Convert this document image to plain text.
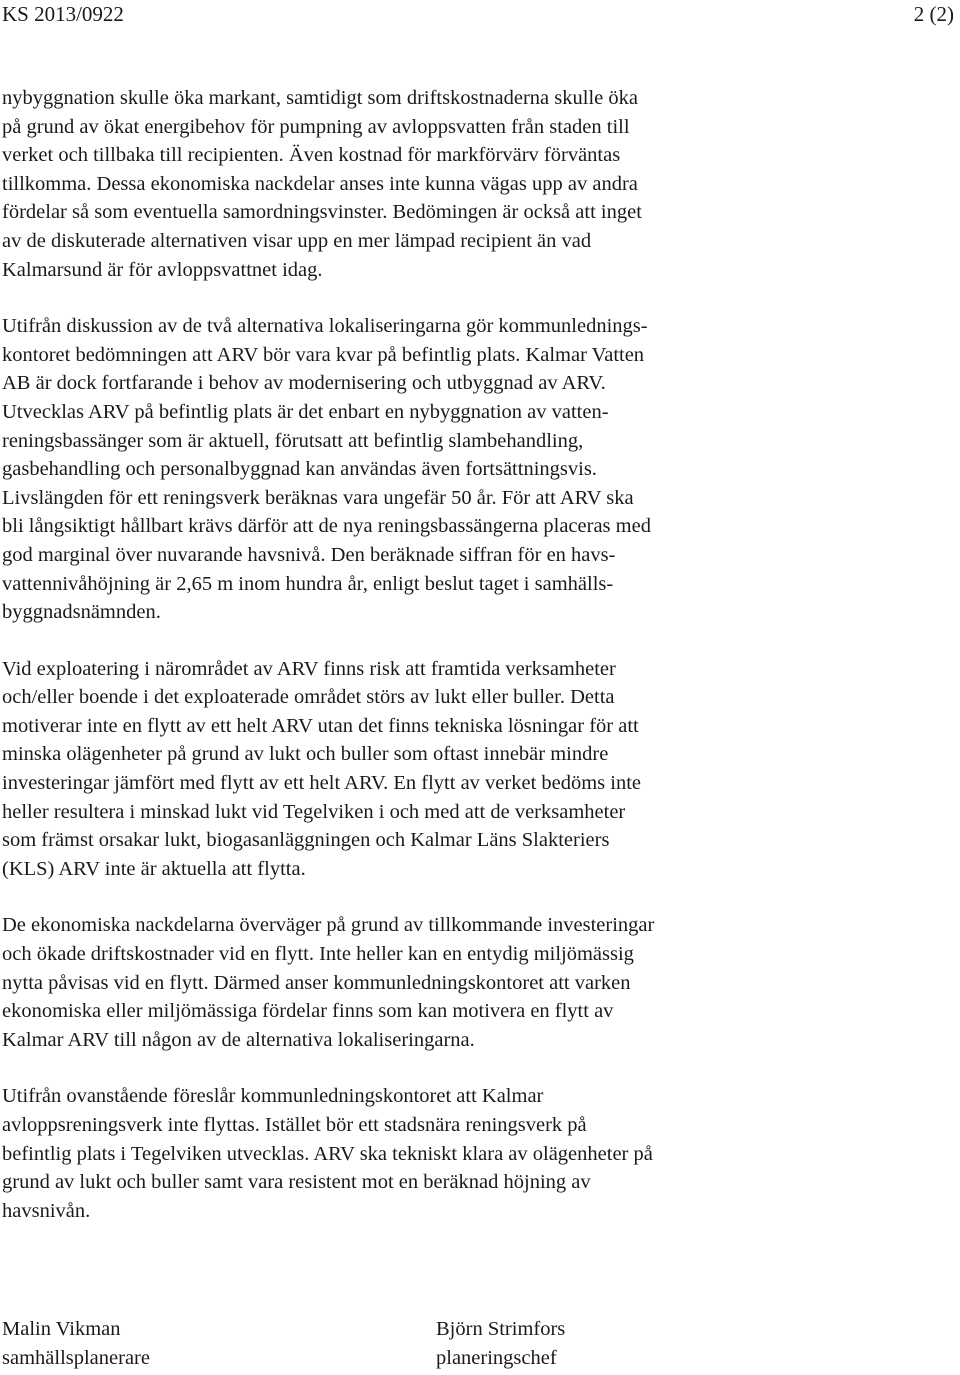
KS 2013/0922	2 (2)
nybyggnation skulle öka markant, samtidigt som driftskostnaderna skulle öka
på grund av ökat energibehov för pumpning av avloppsvatten från staden till
verket och tillbaka till recipienten. Även kostnad för markförvärv förväntas
tillkomma. Dessa ekonomiska nackdelar anses inte kunna vägas upp av andra
fördelar så som eventuella samordningsvinster. Bedömingen är också att inget
av de diskuterade alternativen visar upp en mer lämpad recipient än vad
Kalmarsund är för avloppsvattnet idag.
Utifrån diskussion av de två alternativa lokaliseringarna gör kommunlednings-
kontoret bedömningen att ARV bör vara kvar på befintlig plats. Kalmar Vatten
AB är dock fortfarande i behov av modernisering och utbyggnad av ARV.
Utvecklas ARV på befintlig plats är det enbart en nybyggnation av vatten-
reningsbassänger som är aktuell, förutsatt att befintlig slambehandling,
gasbehandling och personalbyggnad kan användas även fortsättningsvis.
Livslängden för ett reningsverk beräknas vara ungefär 50 år. För att ARV ska
bli långsiktigt hållbart krävs därför att de nya reningsbassängerna placeras med
god marginal över nuvarande havsnivå. Den beräknade siffran för en havs-
vattennivåhöjning är 2,65 m inom hundra år, enligt beslut taget i samhälls-
byggnadsnämnden.
Vid exploatering i närområdet av ARV finns risk att framtida verksamheter
och/eller boende i det exploaterade området störs av lukt eller buller. Detta
motiverar inte en flytt av ett helt ARV utan det finns tekniska lösningar för att
minska olägenheter på grund av lukt och buller som oftast innebär mindre
investeringar jämfört med flytt av ett helt ARV. En flytt av verket bedöms inte
heller resultera i minskad lukt vid Tegelviken i och med att de verksamheter
som främst orsakar lukt, biogasanläggningen och Kalmar Läns Slakteriers
(KLS) ARV inte är aktuella att flytta.
De ekonomiska nackdelarna överväger på grund av tillkommande investeringar
och ökade driftskostnader vid en flytt. Inte heller kan en entydig miljömässig
nytta påvisas vid en flytt. Därmed anser kommunledningskontoret att varken
ekonomiska eller miljömässiga fördelar finns som kan motivera en flytt av
Kalmar ARV till någon av de alternativa lokaliseringarna.
Utifrån ovanstående föreslår kommunledningskontoret att Kalmar
avloppsreningsverk inte flyttas. Istället bör ett stadsnära reningsverk på
befintlig plats i Tegelviken utvecklas. ARV ska tekniskt klara av olägenheter på
grund av lukt och buller samt vara resistent mot en beräknad höjning av
havsnivån.
Malin Vikman
samhällsplanerare
Björn Strimfors
planeringschef
